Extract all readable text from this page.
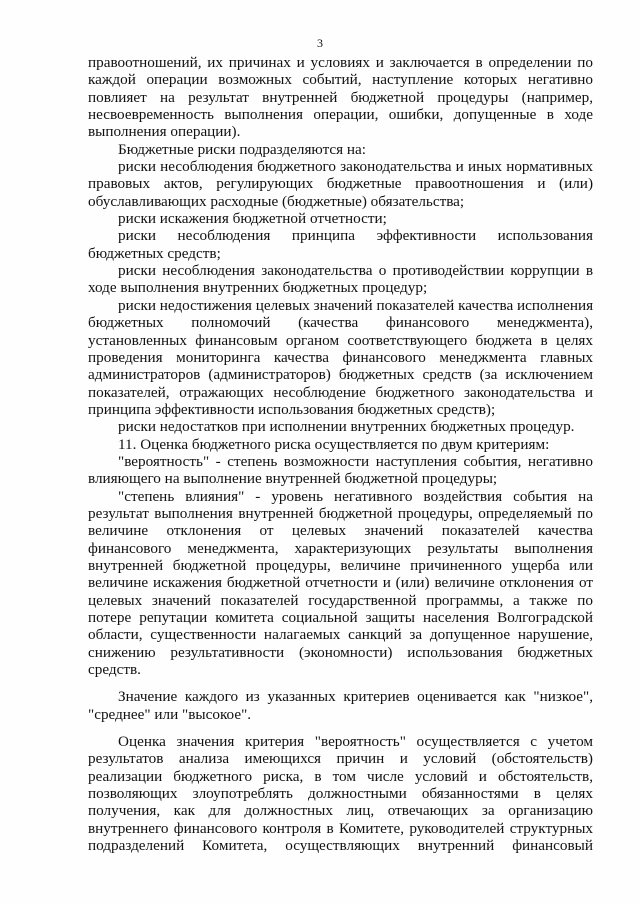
3
правоотношений, их причинах и условиях и заключается в определении по
каждой операции возможных событий, наступление которых негативно
повлияет на результат внутренней бюджетной процедуры (например,
несвоевременность выполнения операции, ошибки, допущенные в ходе
выполнения операции).
Бюджетные риски подразделяются на:
риски несоблюдения бюджетного законодательства и иных нормативных
правовых актов, регулирующих бюджетные правоотношения и (или)
обуславливающих расходные (бюджетные) обязательства;
риски искажения бюджетной отчетности;
риски несоблюдения принципа эффективности использования
бюджетных средств;
риски несоблюдения законодательства о противодействии коррупции в
ходе выполнения внутренних бюджетных процедур;
риски недостижения целевых значений показателей качества исполнения
бюджетных полномочий (качества финансового менеджмента),
установленных финансовым органом соответствующего бюджета в целях
проведения мониторинга качества финансового менеджмента главных
администраторов (администраторов) бюджетных средств (за исключением
показателей, отражающих несоблюдение бюджетного законодательства и
принципа эффективности использования бюджетных средств);
риски недостатков при исполнении внутренних бюджетных процедур.
11. Оценка бюджетного риска осуществляется по двум критериям:
"вероятность" - степень возможности наступления события, негативно
влияющего на выполнение внутренней бюджетной процедуры;
"степень влияния" - уровень негативного воздействия события на
результат выполнения внутренней бюджетной процедуры, определяемый по
величине отклонения от целевых значений показателей качества
финансового менеджмента, характеризующих результаты выполнения
внутренней бюджетной процедуры, величине причиненного ущерба или
величине искажения бюджетной отчетности и (или) величине отклонения от
целевых значений показателей государственной программы, а также по
потере репутации комитета социальной защиты населения Волгоградской
области, существенности налагаемых санкций за допущенное нарушение,
снижению результативности (экономности) использования бюджетных
средств.
Значение каждого из указанных критериев оценивается как "низкое",
"среднее" или "высокое".
Оценка значения критерия "вероятность" осуществляется с учетом
результатов анализа имеющихся причин и условий (обстоятельств)
реализации бюджетного риска, в том числе условий и обстоятельств,
позволяющих злоупотреблять должностными обязанностями в целях
получения, как для должностных лиц, отвечающих за организацию
внутреннего финансового контроля в Комитете, руководителей структурных
подразделений Комитета, осуществляющих внутренний финансовый
